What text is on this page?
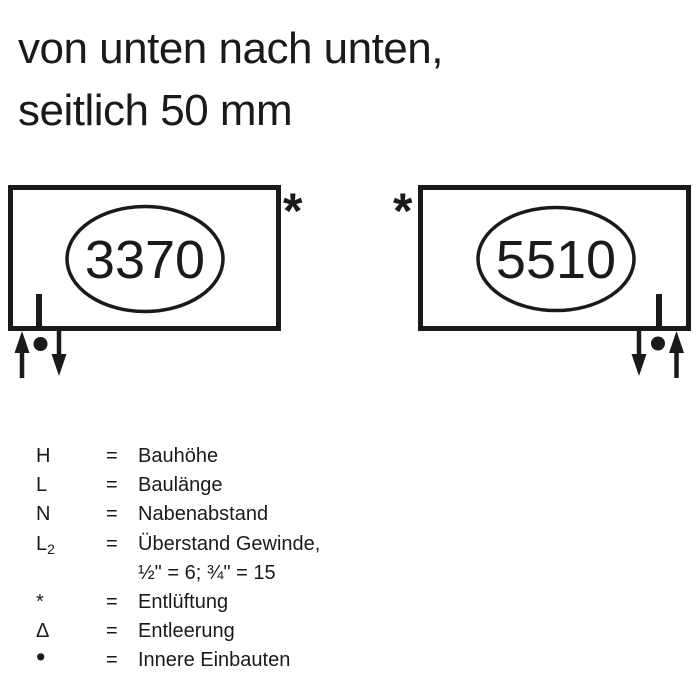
von unten nach unten,
seitlich 50 mm
3370
*
5510
*
H	=	Bauhöhe
L	=	Baulänge
N	=	Nabenabstand
$L_2$	=	Überstand Gewinde,
½" = 6; ¾" = 15
*	=	Entlüftung
Δ	=	Entleerung
•	=	Innere Einbauten
